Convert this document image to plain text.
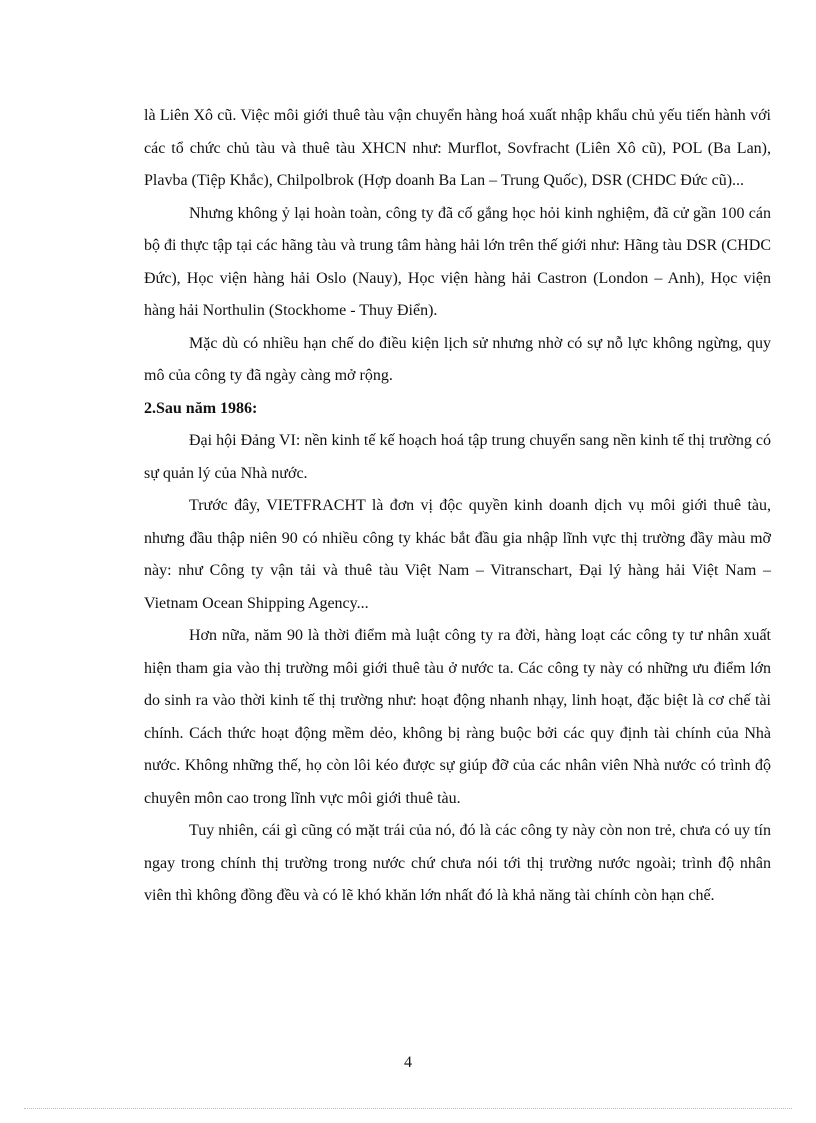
là Liên Xô cũ. Việc môi giới thuê tàu vận chuyển hàng hoá xuất nhập khẩu chủ yếu tiến hành với các tổ chức chủ tàu và thuê tàu XHCN như: Murflot, Sovfracht (Liên Xô cũ), POL (Ba Lan), Plavba (Tiệp Khắc), Chilpolbrok (Hợp doanh Ba Lan – Trung Quốc), DSR (CHDC Đức cũ)...

Nhưng không ỷ lại hoàn toàn, công ty đã cố gắng học hỏi kinh nghiệm, đã cử gần 100 cán bộ đi thực tập tại các hãng tàu và trung tâm hàng hải lớn trên thế giới như: Hãng tàu DSR (CHDC Đức), Học viện hàng hải Oslo (Nauy), Học viện hàng hải Castron (London – Anh), Học viện hàng hải Northulin (Stockhome - Thuy Điển).

Mặc dù có nhiều hạn chế do điều kiện lịch sử nhưng nhờ có sự nỗ lực không ngừng, quy mô của công ty đã ngày càng mở rộng.

2.Sau năm 1986:

Đại hội Đảng VI: nền kinh tế kế hoạch hoá tập trung chuyển sang nền kinh tế thị trường có sự quản lý của Nhà nước.

Trước đây, VIETFRACHT là đơn vị độc quyền kinh doanh dịch vụ môi giới thuê tàu, nhưng đầu thập niên 90 có nhiều công ty khác bắt đầu gia nhập lĩnh vực thị trường đầy màu mỡ này: như Công ty vận tải và thuê tàu Việt Nam – Vitranschart, Đại lý hàng hải Việt Nam – Vietnam Ocean Shipping Agency...

Hơn nữa, năm 90 là thời điểm mà luật công ty ra đời, hàng loạt các công ty tư nhân xuất hiện tham gia vào thị trường môi giới thuê tàu ở nước ta. Các công ty này có những ưu điểm lớn do sinh ra vào thời kinh tế thị trường như: hoạt động nhanh nhạy, linh hoạt, đặc biệt là cơ chế tài chính. Cách thức hoạt động mềm dẻo, không bị ràng buộc bởi các quy định tài chính của Nhà nước. Không những thế, họ còn lôi kéo được sự giúp đỡ của các nhân viên Nhà nước có trình độ chuyên môn cao trong lĩnh vực môi giới thuê tàu.

Tuy nhiên, cái gì cũng có mặt trái của nó, đó là các công ty này còn non trẻ, chưa có uy tín ngay trong chính thị trường trong nước chứ chưa nói tới thị trường nước ngoài; trình độ nhân viên thì không đồng đều và có lẽ khó khăn lớn nhất đó là khả năng tài chính còn hạn chế.

4
